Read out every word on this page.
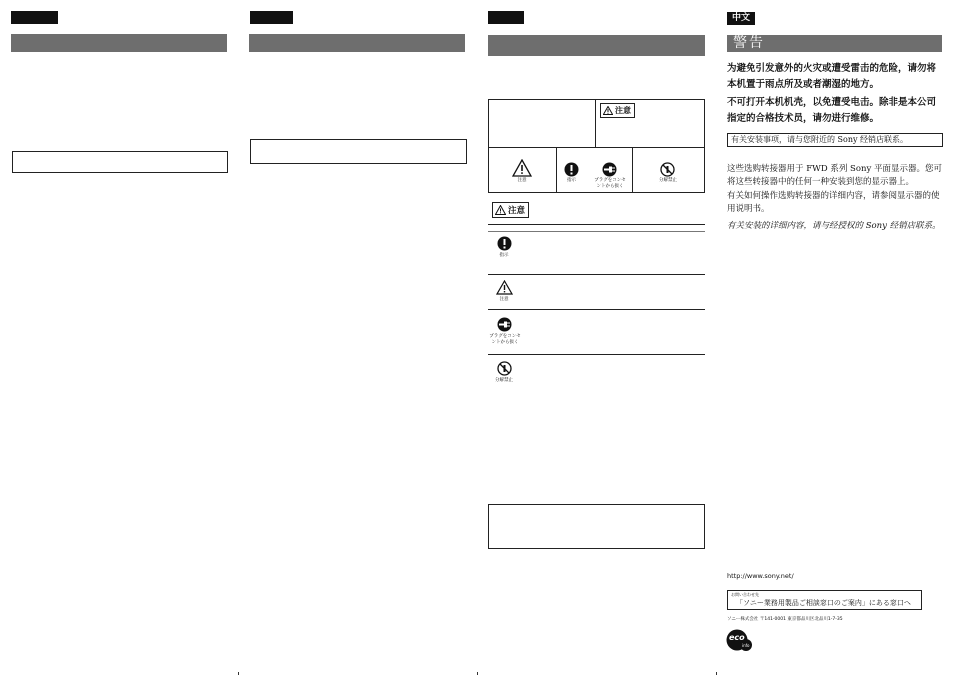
注意
注意	指示	プラグをコンセントから抜く
分解禁止
注意
指示
注意
プラグをコンセントから抜く
分解禁止
中文
警告
为避免引发意外的火灾或遭受雷击的危险，请勿将本机置于雨点所及或者潮湿的地方。
不可打开本机机壳，以免遭受电击。除非是本公司指定的合格技术员，请勿进行维修。
有关安装事项，请与您附近的 Sony 经销店联系。
这些选购转接器用于 FWD 系列 Sony 平面显示器。您可将这些转接器中的任何一种安装到您的显示器上。
有关如何操作选购转接器的详细内容，请参阅显示器的使用说明书。
有关安装的详细内容，请与经授权的 Sony 经销店联系。
http://www.sony.net/
お問い合わせ先
「ソニー業務用製品ご相談窓口のご案内」にある窓口へ
ソニー株式会社 〒141-0001 東京都品川区北品川1-7-35
eco
info
